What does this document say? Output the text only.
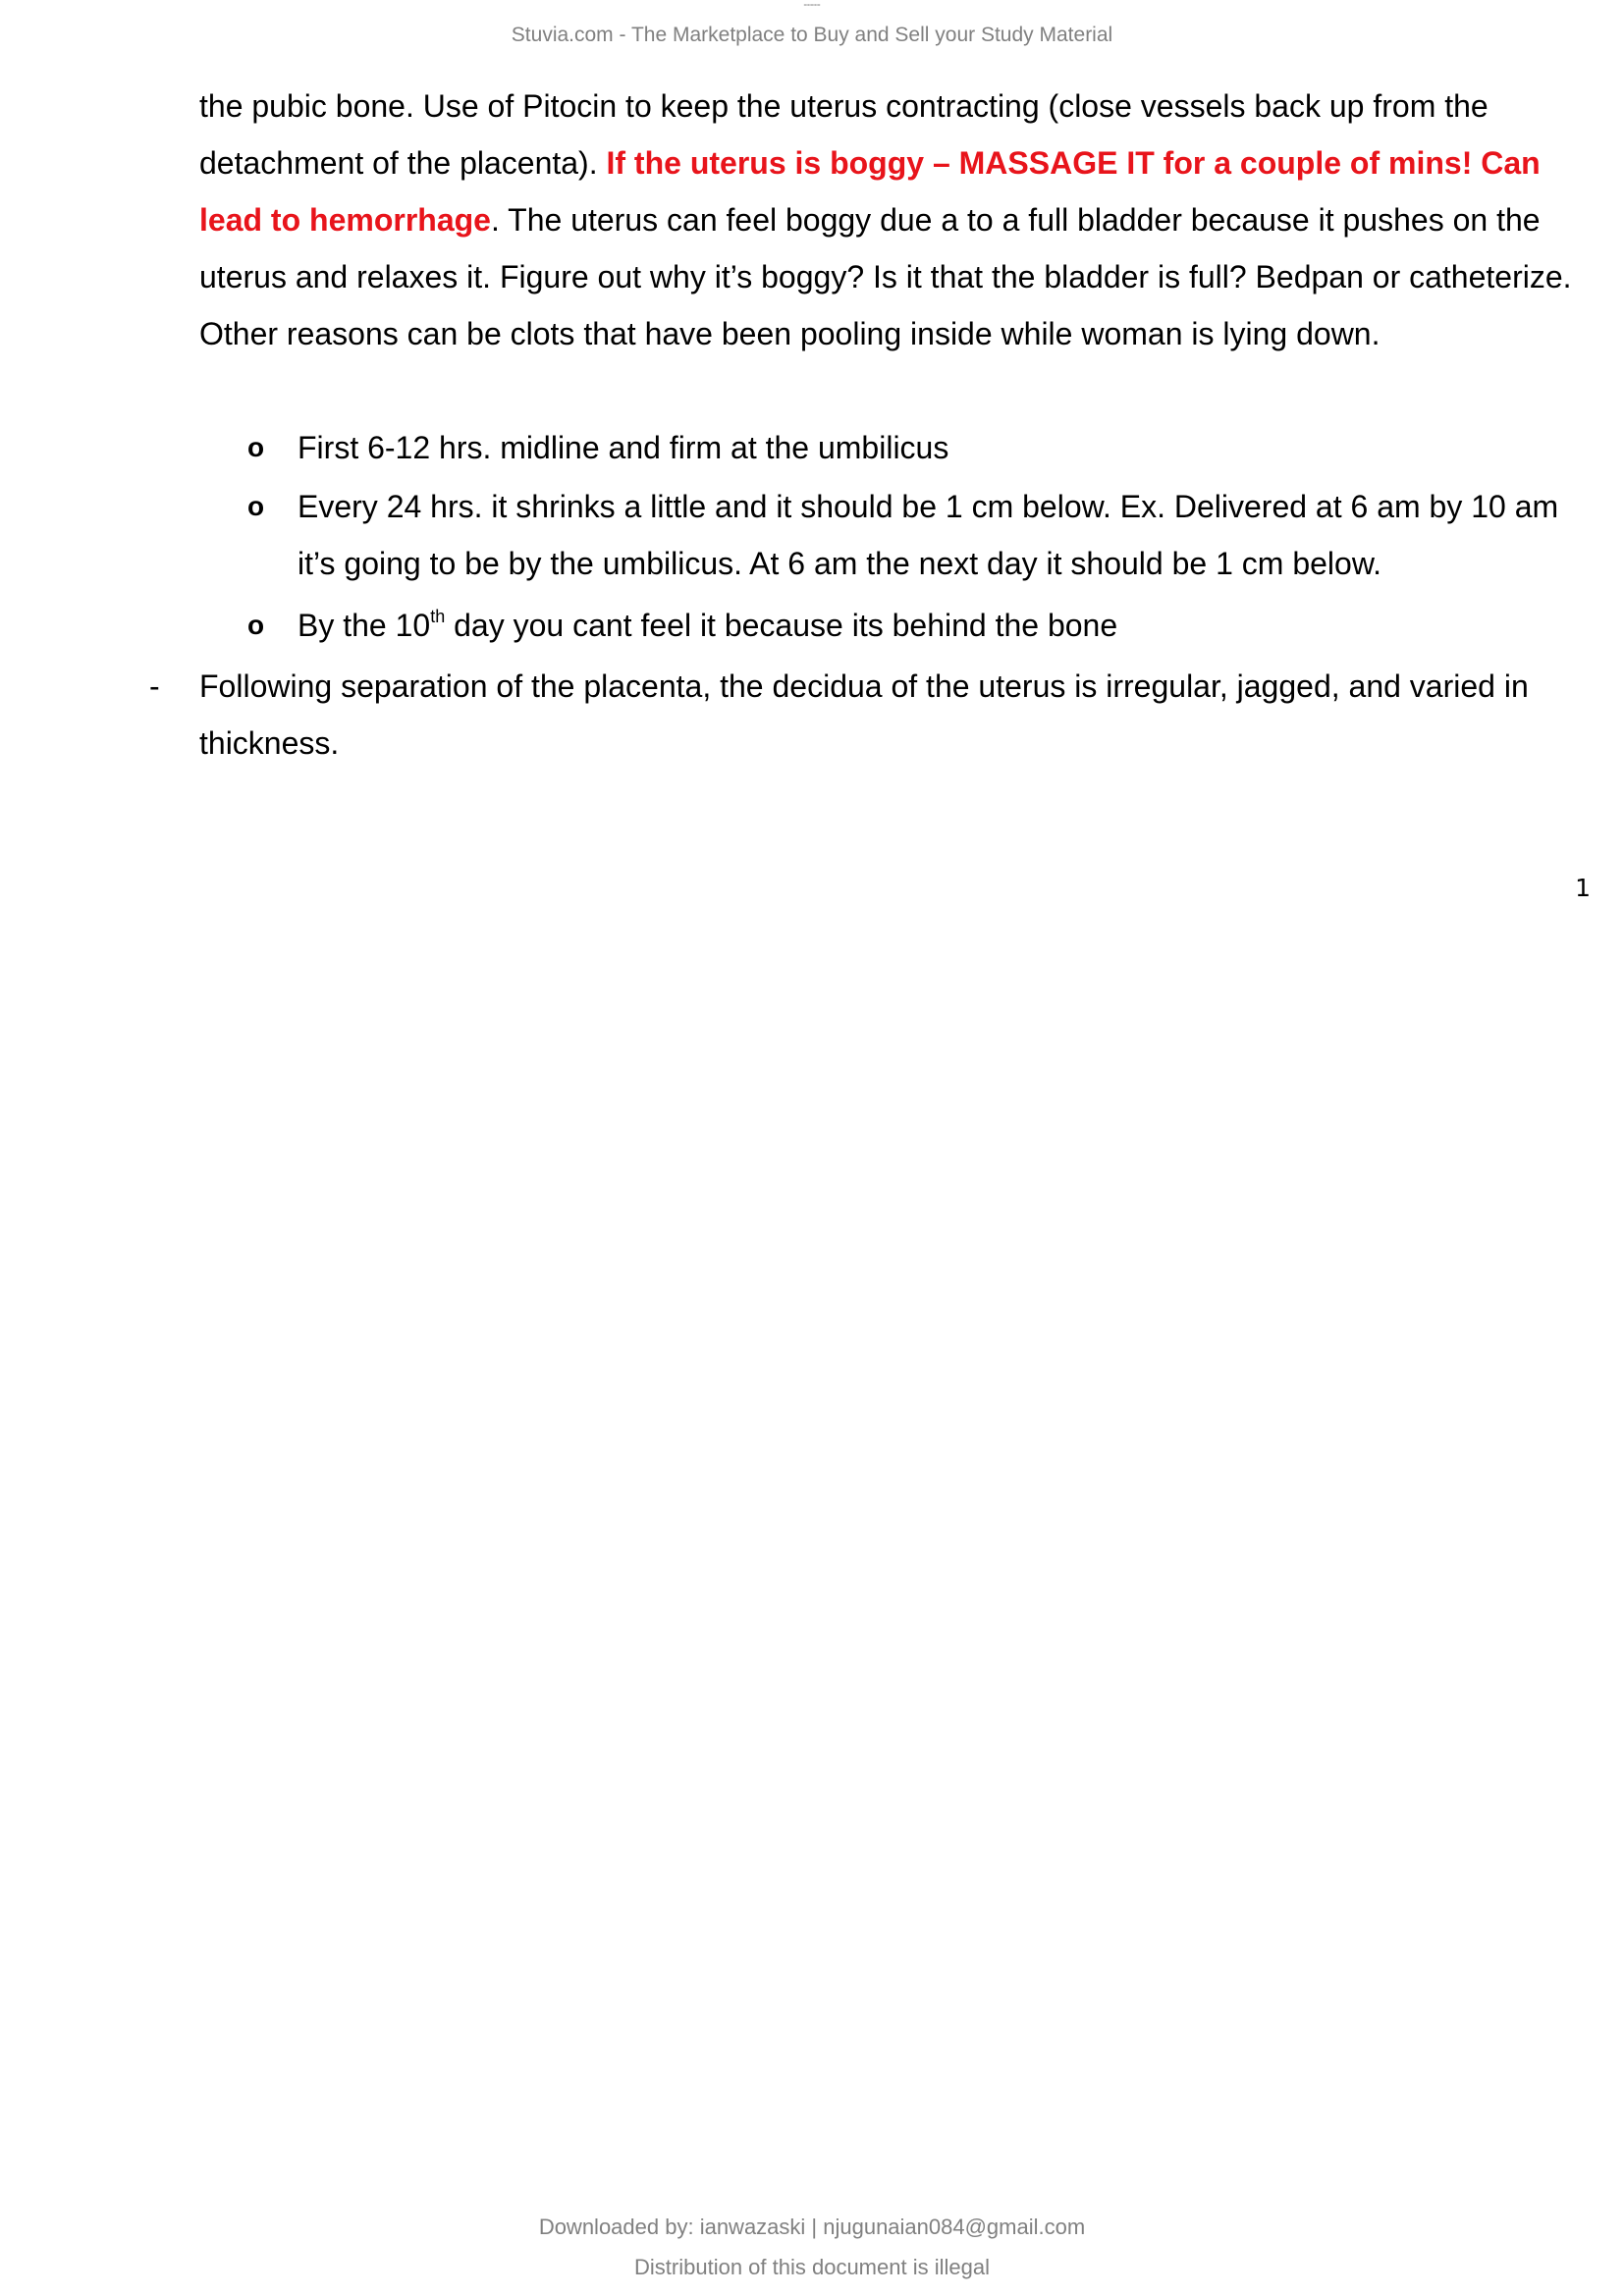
••••••••••••
Stuvia.com - The Marketplace to Buy and Sell your Study Material
the pubic bone. Use of Pitocin to keep the uterus contracting (close vessels back up from the detachment of the placenta). If the uterus is boggy – MASSAGE IT for a couple of mins! Can lead to hemorrhage. The uterus can feel boggy due a to a full bladder because it pushes on the uterus and relaxes it. Figure out why it’s boggy? Is it that the bladder is full? Bedpan or catheterize. Other reasons can be clots that have been pooling inside while woman is lying down.
o First 6-12 hrs. midline and firm at the umbilicus
o Every 24 hrs. it shrinks a little and it should be 1 cm below. Ex. Delivered at 6 am by 10 am it’s going to be by the umbilicus. At 6 am the next day it should be 1 cm below.
o By the 10th day you cant feel it because its behind the bone
- Following separation of the placenta, the decidua of the uterus is irregular, jagged, and varied in thickness.
1
Downloaded by: ianwazaski | njugunaian084@gmail.com
Distribution of this document is illegal
